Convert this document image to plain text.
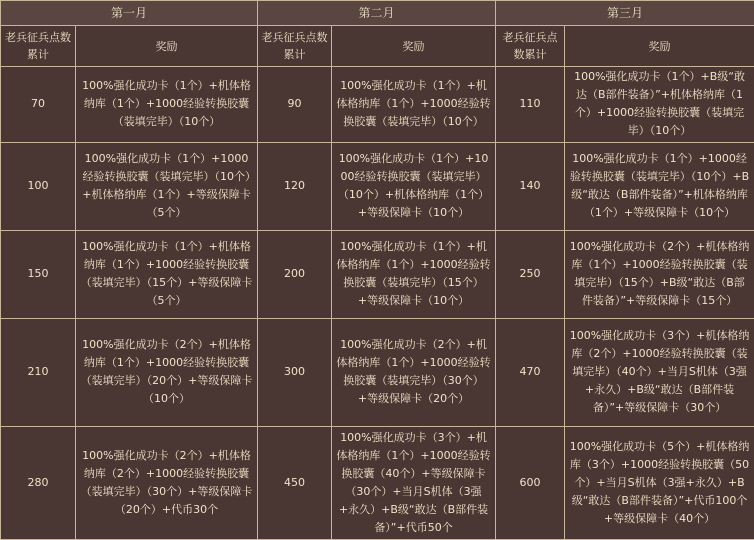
第一月		第二月		第三月	
老兵征兵点数累计	奖励	老兵征兵点数累计	奖励	老兵征兵点数累计	奖励
70	100%强化成功卡（1个）+机体格纳库（1个）+1000经验转换胶囊（装填完毕）（10个）	90	100%强化成功卡（1个）+机体格纳库（1个）+1000经验转换胶囊（装填完毕）（10个）	110	100%强化成功卡（1个）+B级“敢达（B部件装备）”+机体格纳库（1个）+1000经验转换胶囊（装填完毕）（10个）
100	100%强化成功卡（1个）+1000经验转换胶囊（装填完毕）（10个）+机体格纳库（1个）+等级保障卡（5个）	120	100%强化成功卡（1个）+1000经验转换胶囊（装填完毕）（10个）+机体格纳库（1个）+等级保障卡（10个）	140	100%强化成功卡（1个）+1000经验转换胶囊（装填完毕）（10个）+B级“敢达（B部件装备）”+机体格纳库（1个）+等级保障卡（10个）
150	100%强化成功卡（1个）+机体格纳库（1个）+1000经验转换胶囊（装填完毕）（15个）+等级保障卡（5个）	200	100%强化成功卡（1个）+机体格纳库（1个）+1000经验转换胶囊（装填完毕）（15个）+等级保障卡（10个）	250	100%强化成功卡（2个）+机体格纳库（1个）+1000经验转换胶囊（装填完毕）（15个）+B级“敢达（B部件装备）”+等级保障卡（15个）
210	100%强化成功卡（2个）+机体格纳库（1个）+1000经验转换胶囊（装填完毕）（20个）+等级保障卡（10个）	300	100%强化成功卡（2个）+机体格纳库（1个）+1000经验转换胶囊（装填完毕）（30个）+等级保障卡（20个）	470	100%强化成功卡（3个）+机体格纳库（2个）+1000经验转换胶囊（装填完毕）（40个）+当月S机体（3强+永久）+B级“敢达（B部件装备）”+等级保障卡（30个）
280	100%强化成功卡（2个）+机体格纳库（2个）+1000经验转换胶囊（装填完毕）（30个）+等级保障卡（20个）+代币30个	450	100%强化成功卡（3个）+机体格纳库（1个）+1000经验转换胶囊（40个）+等级保障卡（30个）+当月S机体（3强+永久）+B级“敢达（B部件装备）”+代币50个	600	100%强化成功卡（5个）+机体格纳库（3个）+1000经验转换胶囊（50个）+当月S机体（3强+永久）+B级“敢达（B部件装备）”+代币100个+等级保障卡（40个）
